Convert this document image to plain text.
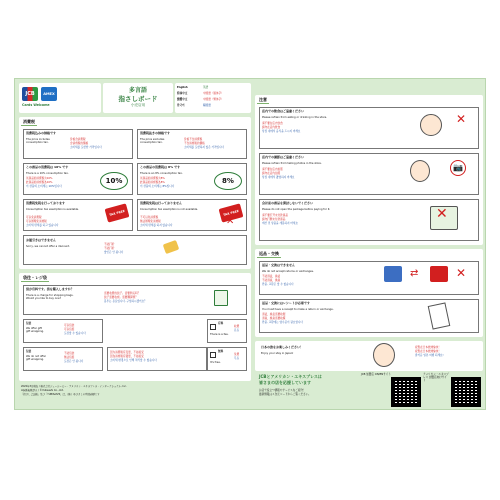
JCB	AMEX
Cards Welcome
多言語
指さしボード
小売店用
English	英語
简体中文	中国語（簡体字）
繁體中文	中国語（繁体字）
한국어	韓国語
消費税
消費税込みの価格です
The price includes consumption tax.
价格含消费税
含消費税的價格
소비세를 포함한 가격입니다
消費税抜きの価格です
The price excludes consumption tax.
价格不含消费税
不含消費税的價格
소비세를 포함하지 않은 가격입니다
この商品の消費税は 10% です
There is a 10% consumption tax.
该商品的消费税为10%
此商品的消費税為10%
이 상품의 소비세는 10%입니다
10%
この商品の消費税は 8% です
There is an 8% consumption tax.
该商品的消费税为8%
此商品的消費税為8%
이 상품의 소비세는 8%입니다
8%
消費税免税を行っております
Consumption tax exemption is available.
可以免消费税
可以辦理免消費税
소비세 면세를 하고 있습니다
TAX FREE
消費税免税は行っておりません
Consumption tax exemption is not available.
不可以免消费税
無法辦理免消費税
소비세 면세를 하지 않습니다
TAX FREE
✕
お値引きはできません
Sorry, we cannot offer a discount.
不能打折
不能打折
할인은 안 됩니다
袋往・レジ袋
袋が有料です。袋を購入しますか？
There is a charge for shopping bags.
Would you like to buy one?
需要收费的袋子。需要购买吗？
袋子需要收費。需要購買嗎？
봉투는 유료입니다. 구입하시겠어요？
包装
We offer gift
gift wrapping.
可以包装
可以包裝
포장할 수 있습니다
包装
We do not offer
gift wrapping.
不能包装
無法包裝
포장은 안 됩니다
因为消费税有变更，不能接受
因為消費税有變更，不能接受
소비세 변경으로 인해 처리할 수 없습니다
有料
There is a fee.
收费
유료
無料
It's free.
免费
무료
注意
店内での飲食はご遠慮ください
Please refrain from eating or drinking in the store.
请不要在店内饮食
請勿在店內飲食
상점 내에서 음식을 드시지 마세요
✕
店内での撮影はご遠慮ください
Please refrain from taking photos in the store.
请不要在店内拍照
請勿在店內拍照
상점 내에서 촬영하지 마세요
📷
会計前の商品を開封しないでください
Please do not open the package before paying for it.
请不要打开未付款商品
請勿打開未付款商品
계산 전 상품을 개봉하지 마세요
✕
返品・交換
返品・交換はできません
We do not accept returns or exchanges.
不能退货，换货
不能退貨，換貨
반품, 교환은 할 수 없습니다
⇄	✕
返品・交換にはレシートが必要です
You must have a receipt to make a return or exchange.
退货，换货需要收据
退貨，換貨需要收據
반품, 교환에는 영수증이 필요합니다
日本の旅をお楽しみください！
Enjoy your stay in Japan!
祝您在日本旅途愉快！
祝您在日本旅途愉快！
즐거운 일본 여행 되세요!
2020年3月現在 / 株式会社ジェーシービー・アメリカン・エキスプレス・インターナショナル, Inc.
※無断転載禁止 / ©Yubisashi Co., Ltd.
「指さし会話帳」及び「YUBISASHI」は、（株）ゆびさしの登録商標です
JCBとアメリカン・エキスプレスは
皆さまの店を応援しています
お店で役立つ情報やサービスをご紹介！
最新情報は２次元コードからご覧ください。
JCB 加盟店 ON/ENサイト	アメリカン・エキスプレス 加盟店向けサイト
